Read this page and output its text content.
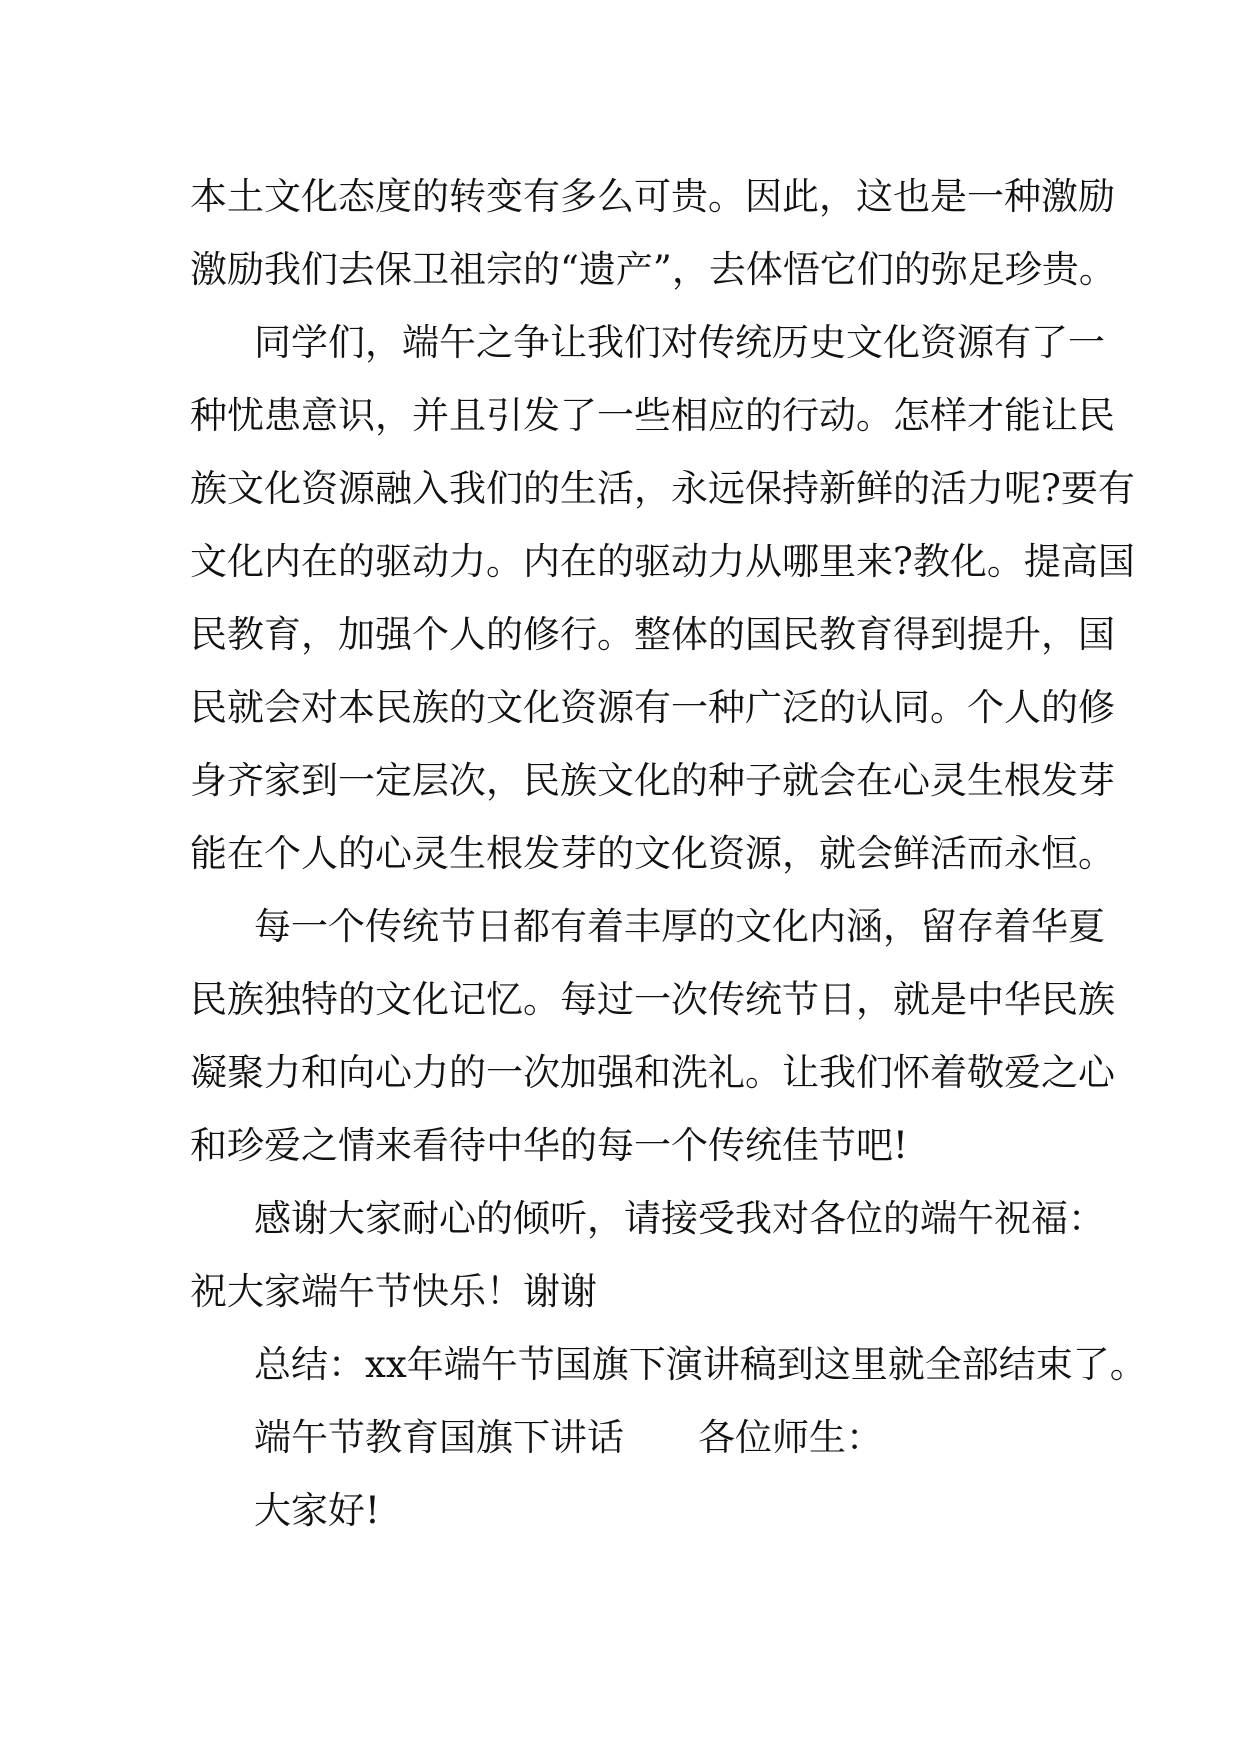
本土文化态度的转变有多么可贵。因此，这也是一种激励
激励我们去保卫祖宗的“遗产”，去体悟它们的弥足珍贵。
同学们，端午之争让我们对传统历史文化资源有了一
种忧患意识，并且引发了一些相应的行动。怎样才能让民
族文化资源融入我们的生活，永远保持新鲜的活力呢?要有
文化内在的驱动力。内在的驱动力从哪里来?教化。提高国
民教育，加强个人的修行。整体的国民教育得到提升，国
民就会对本民族的文化资源有一种广泛的认同。个人的修
身齐家到一定层次，民族文化的种子就会在心灵生根发芽
能在个人的心灵生根发芽的文化资源，就会鲜活而永恒。
每一个传统节日都有着丰厚的文化内涵，留存着华夏
民族独特的文化记忆。每过一次传统节日，就是中华民族
凝聚力和向心力的一次加强和洗礼。让我们怀着敬爱之心
和珍爱之情来看待中华的每一个传统佳节吧!
感谢大家耐心的倾听，请接受我对各位的端午祝福：
祝大家端午节快乐！谢谢
总结：xx年端午节国旗下演讲稿到这里就全部结束了。
端午节教育国旗下讲话　　各位师生：
大家好!
